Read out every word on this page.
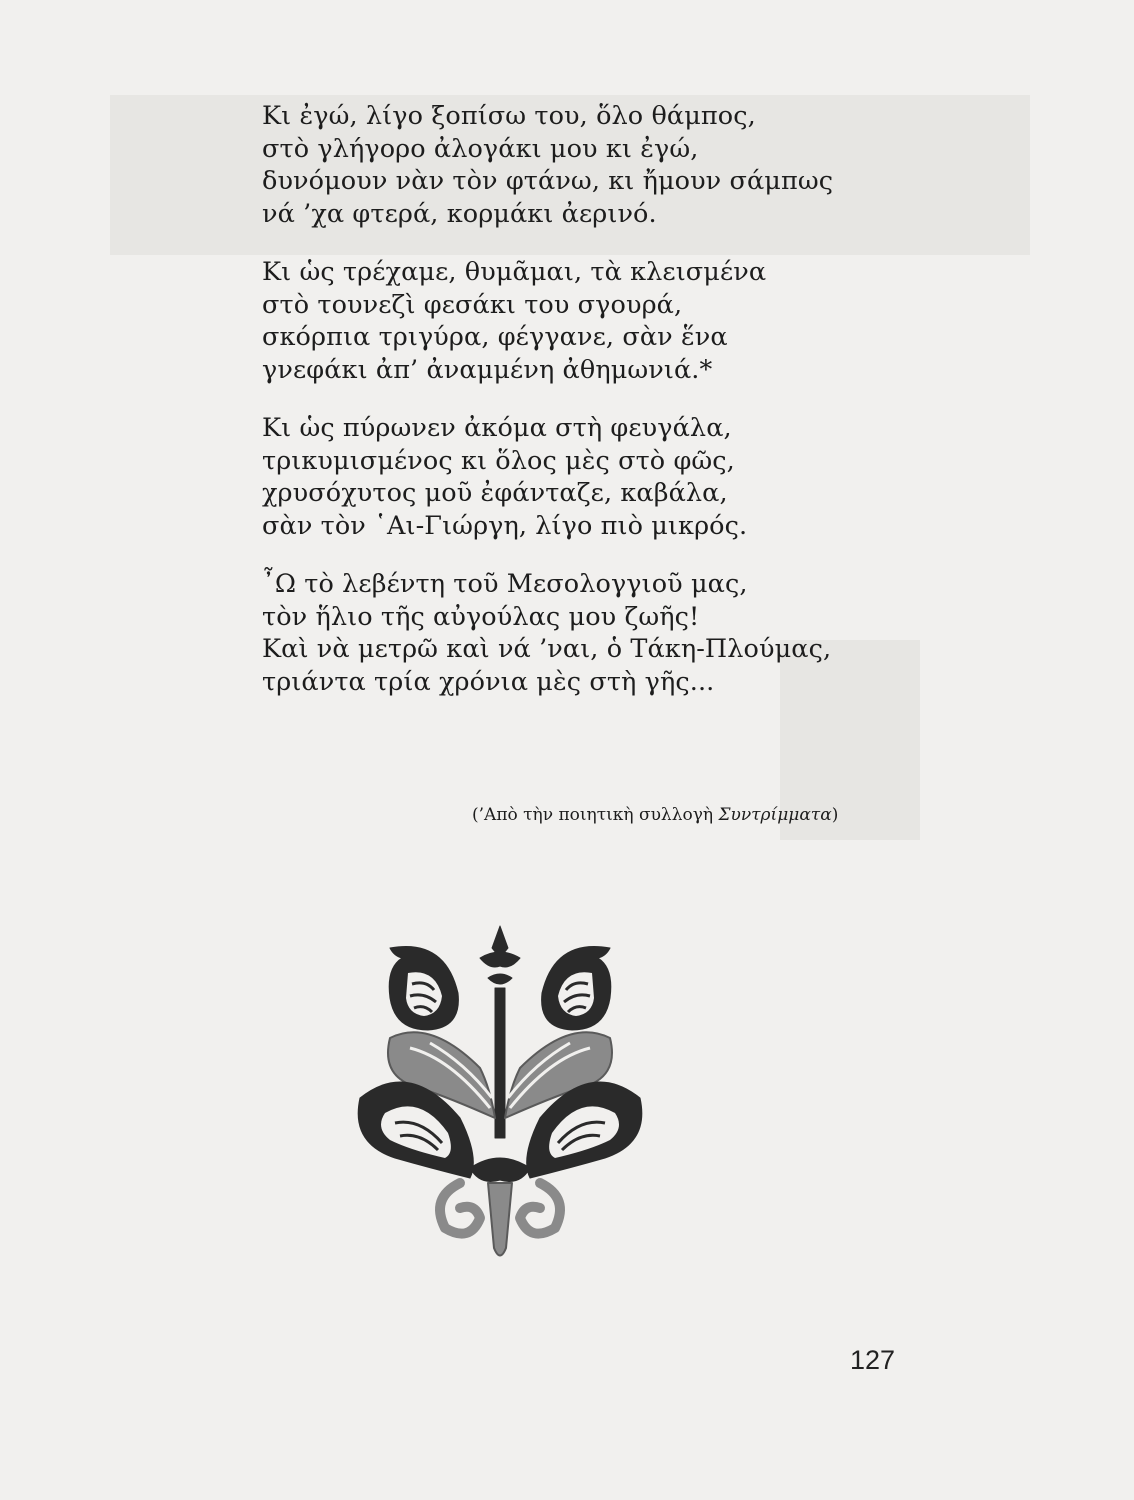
Κι ἐγώ, λίγο ξοπίσω του, ὅλο θάμπος,
στὸ γλήγορο ἀλογάκι μου κι ἐγώ,
δυνόμουν νὰν τὸν φτάνω, κι ἤμουν σάμπως
νά ’χα φτερά, κορμάκι ἀερινό.
Κι ὡς τρέχαμε, θυμᾶμαι, τὰ κλεισμένα
στὸ τουνεζὶ φεσάκι του σγουρά,
σκόρπια τριγύρα, φέγγανε, σὰν ἕνα
γνεφάκι ἀπ’ ἀναμμένη ἀθημωνιά.*
Κι ὡς πύρωνεν ἀκόμα στὴ φευγάλα,
τρικυμισμένος κι ὅλος μὲς στὸ φῶς,
χρυσόχυτος μοῦ ἐφάνταζε, καβάλα,
σὰν τὸν ῾Αι-Γιώργη, λίγο πιὸ μικρός.
῏Ω τὸ λεβέντη τοῦ Μεσολογγιοῦ μας,
τὸν ἥλιο τῆς αὐγούλας μου ζωῆς!
Καὶ νὰ μετρῶ καὶ νά ’ναι, ὁ Τάκη-Πλούμας,
τριάντα τρία χρόνια μὲς στὴ γῆς...
(’Απὸ τὴν ποιητικὴ συλλογὴ Συντρίμματα)
127
